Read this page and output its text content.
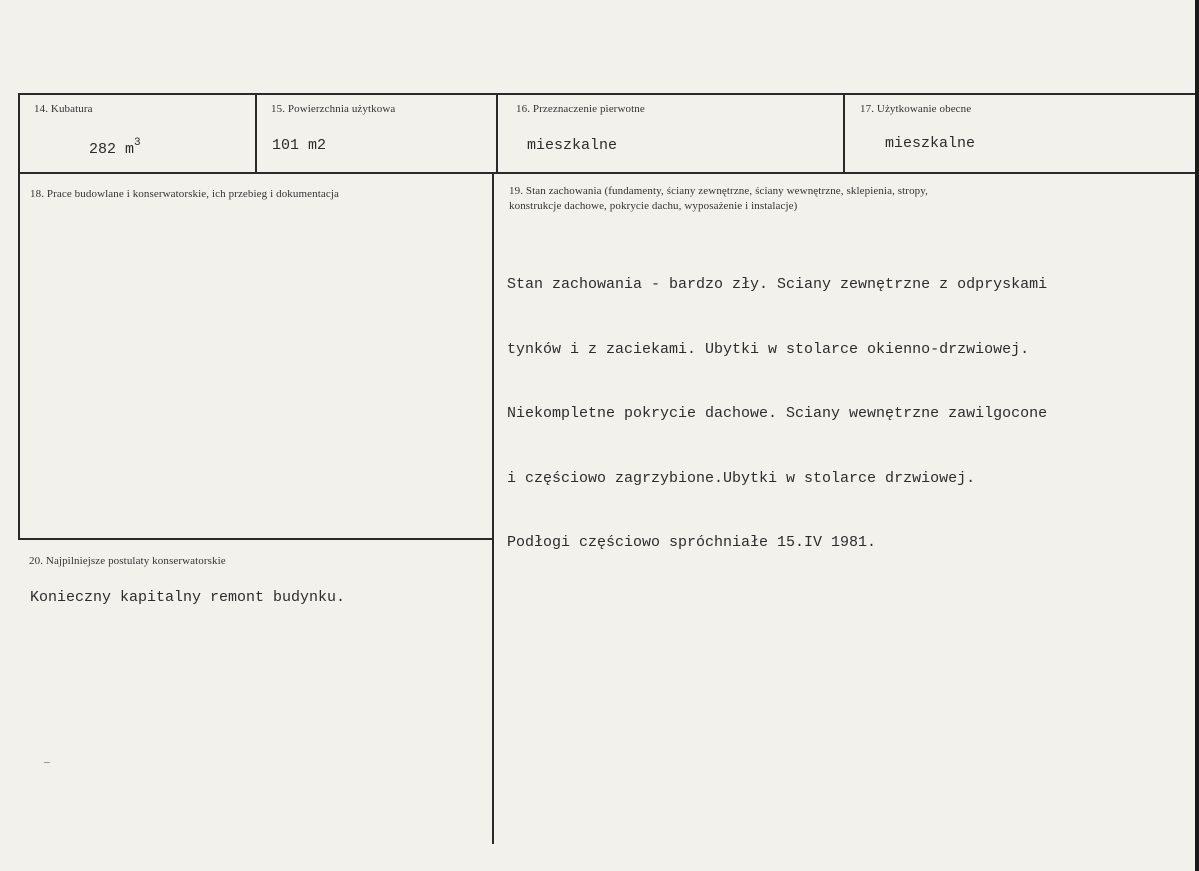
14. Kubatura
282 $m^3$
15. Powierzchnia użytkowa
101 m2
16. Przeznaczenie pierwotne
mieszkalne
17. Użytkowanie obecne
mieszkalne
18. Prace budowlane i konserwatorskie, ich przebieg i dokumentacja	19. Stan zachowania (fundamenty, ściany zewnętrzne, ściany wewnętrzne, sklepienia, stropy,
konstrukcje dachowe, pokrycie dachu, wyposażenie i instalacje)

Stan zachowania - bardzo zły. Sciany zewnętrzne z odpryskami

tynków i z zaciekami. Ubytki w stolarce okienno-drzwiowej.

Niekompletne pokrycie dachowe. Sciany wewnętrzne zawilgocone

i częściowo zagrzybione.Ubytki w stolarce drzwiowej.

Podłogi częściowo spróchniałe 15.IV 1981.

20. Najpilniejsze postulaty konserwatorskie
Konieczny kapitalny remont budynku.
